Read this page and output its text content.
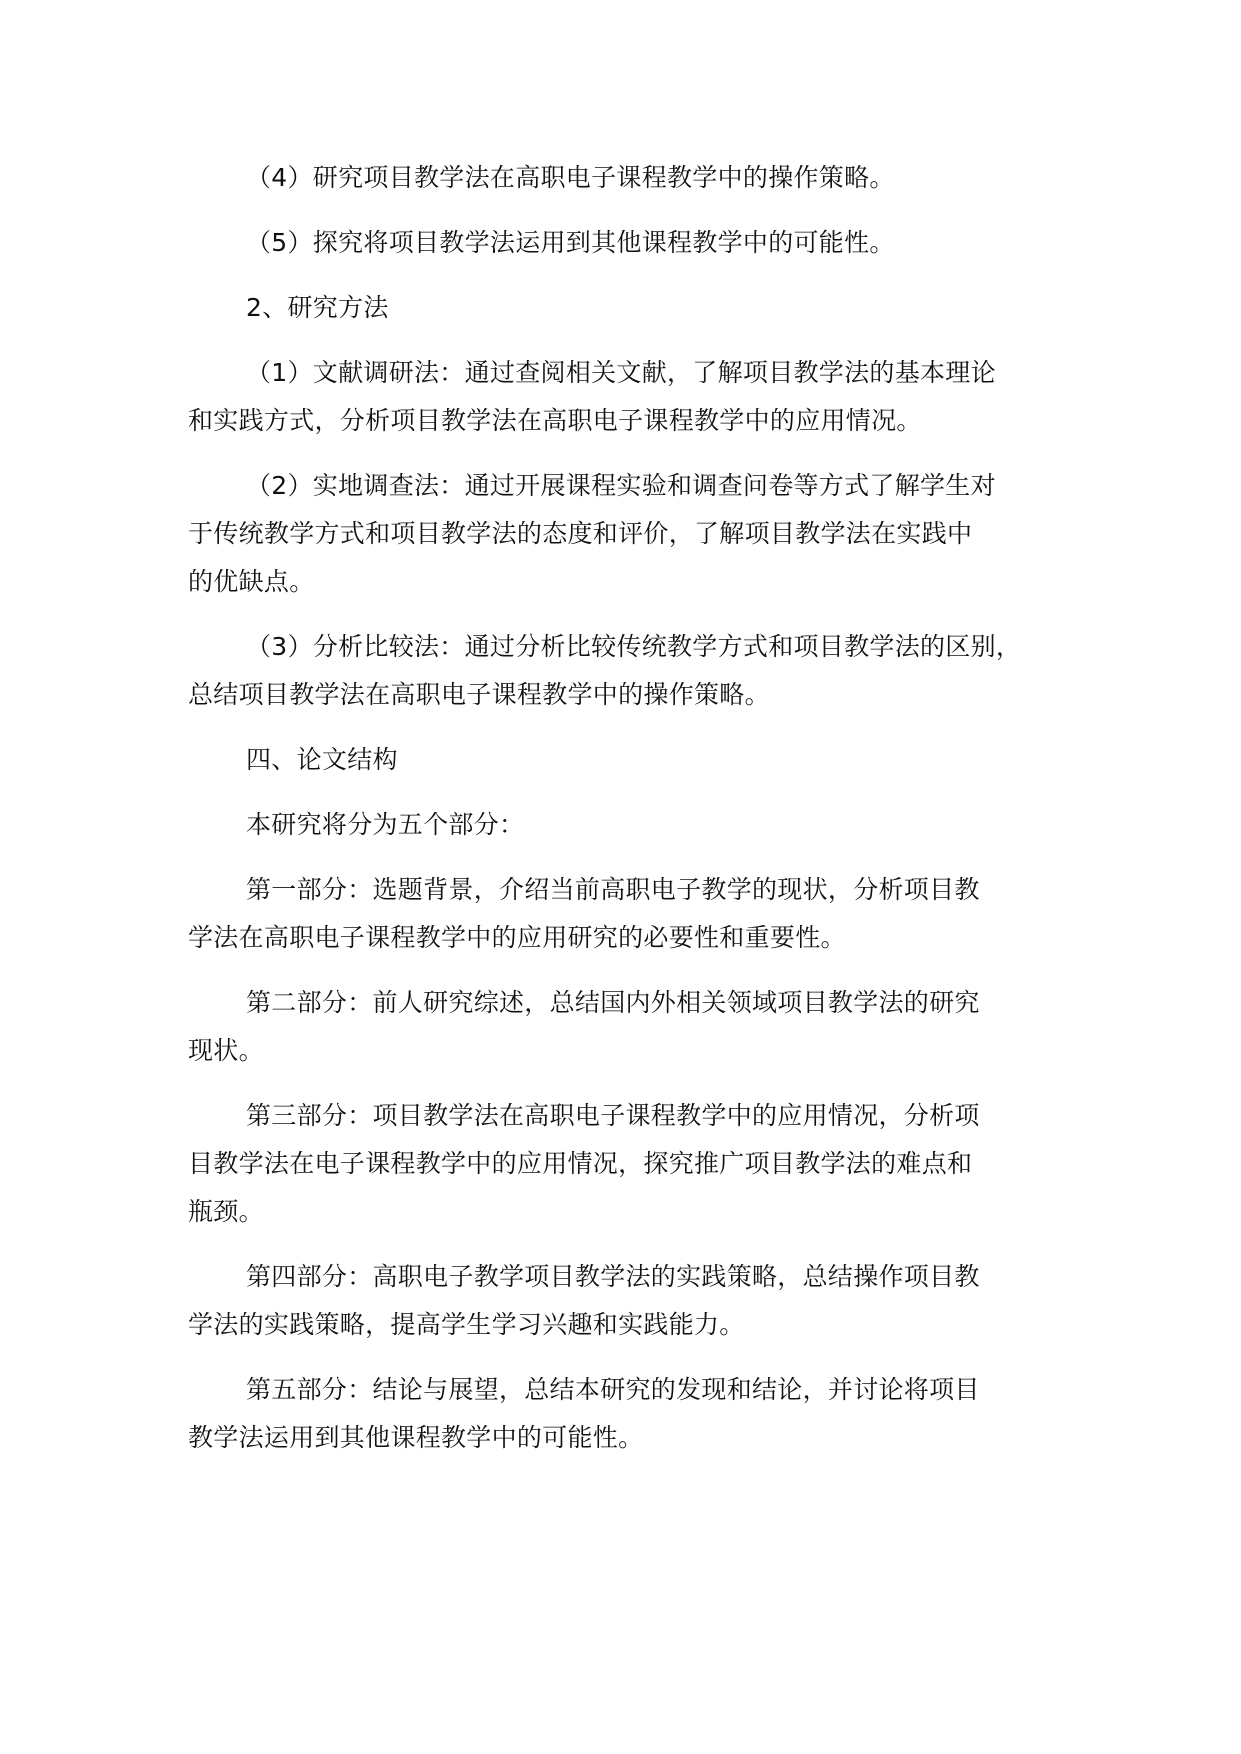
（4）研究项目教学法在高职电子课程教学中的操作策略。

（5）探究将项目教学法运用到其他课程教学中的可能性。

2、研究方法

（1）文献调研法：通过查阅相关文献，了解项目教学法的基本理论
和实践方式，分析项目教学法在高职电子课程教学中的应用情况。

（2）实地调查法：通过开展课程实验和调查问卷等方式了解学生对
于传统教学方式和项目教学法的态度和评价，了解项目教学法在实践中
的优缺点。

（3）分析比较法：通过分析比较传统教学方式和项目教学法的区别，
总结项目教学法在高职电子课程教学中的操作策略。

四、论文结构

本研究将分为五个部分：

第一部分：选题背景，介绍当前高职电子教学的现状，分析项目教
学法在高职电子课程教学中的应用研究的必要性和重要性。

第二部分：前人研究综述，总结国内外相关领域项目教学法的研究
现状。

第三部分：项目教学法在高职电子课程教学中的应用情况，分析项
目教学法在电子课程教学中的应用情况，探究推广项目教学法的难点和
瓶颈。

第四部分：高职电子教学项目教学法的实践策略，总结操作项目教
学法的实践策略，提高学生学习兴趣和实践能力。

第五部分：结论与展望，总结本研究的发现和结论，并讨论将项目
教学法运用到其他课程教学中的可能性。
